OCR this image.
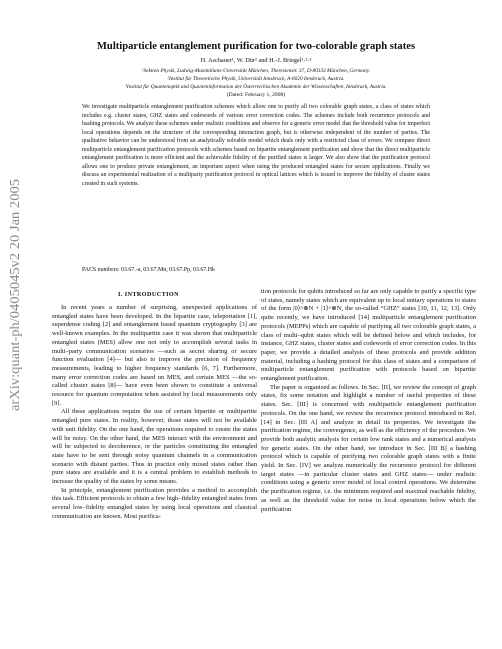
arXiv:quant-ph/0405045v2 20 Jan 2005
Multiparticle entanglement purification for two-colorable graph states
H. Aschauer¹, W. Dür² and H.-J. Briegel¹·²·³
¹Sektion Physik, Ludwig-Maximilians-Universität München, Theresienstr. 37, D-80333 München, Germany.
²Institut für Theoretische Physik, Universität Innsbruck, A-6020 Innsbruck, Austria.
³Institut für Quantenoptik und Quanteninformation der Österreichischen Akademie der Wissenschaften, Innsbruck, Austria.
(Dated: February 1, 2008)
We investigate multiparticle entanglement purification schemes which allow one to purify all two colorable graph states, a class of states which includes e.g. cluster states, GHZ states and codewords of various error correction codes. The schemes include both recurrence protocols and hashing protocols. We analyze these schemes under realistic conditions and observe for a generic error model that the threshold value for imperfect local operations depends on the structure of the corresponding interaction graph, but is otherwise independent of the number of parties. The qualitative behavior can be understood from an analytically solvable model which deals only with a restricted class of errors. We compare direct multiparticle entanglement purification protocols with schemes based on bipartite entanglement purification and show that the direct multiparticle entanglement purification is more efficient and the achievable fidelity of the purified states is larger. We also show that the purification protocol allows one to produce private entanglement, an important aspect when using the produced entangled states for secure applications. Finally we discuss an experimental realization of a multiparty purification protocol in optical lattices which is issued to improve the fidelity of cluster states created in such systems.
PACS numbers: 03.67.-a, 03.67.Mn, 03.67.Pp, 03.67.Hk
I. INTRODUCTION

In recent years a number of surprising, unexpected applications of entangled states have been developed. In the bipartite case, teleportation [1], superdense coding [2] and entanglement based quantum cryptography [3] are well-known examples. In the multipartite case it was shown that multiparticle entangled states (MES) allow one not only to accomplish several tasks in multi–party communication scenarios —such as secret sharing or secure function evaluation [4]— but also to improve the precision of frequency measurements, leading to higher frequency standards [6, 7]. Furthermore, many error correction codes are based on MES, and certain MES —the so-called cluster states [8]— have even been shown to constitute a universal resource for quantum computation when assisted by local measurements only [9].

All these applications require the use of certain bipartite or multipartite entangled pure states. In reality, however, those states will not be available with unit fidelity. On the one hand, the operations required to create the states will be noisy. On the other hand, the MES interact with the environment and will be subjected to decoherence, or the particles constituting the entangled state have to be sent through noisy quantum channels in a communication scenario with distant parties. Thus in practice only mixed states rather than pure states are available and it is a central problem to establish methods to increase the quality of the states by some means.

In principle, entanglement purification provides a method to accomplish this task. Efficient protocols to obtain a few high–fidelity entangled states from several low–fidelity entangled states by using local operations and classical communication are known. Most purifica-

tion protocols for qubits introduced so far are only capable to purify a specific type of states, namely states which are equivalent up to local unitary operations to states of the form |0⟩^⊗N + |1⟩^⊗N, the so-called “GHZ” states [10, 11, 12, 13]. Only quite recently, we have introduced [14] multiparticle entanglement purification protocols (MEPPs) which are capable of purifying all two colorable graph states, a class of multi–qubit states which will be defined below and which includes, for instance, GHZ states, cluster states and codewords of error correction codes. In this paper, we provide a detailed analysis of these protocols and provide addition material, including a hashing protocol for this class of states and a comparison of multiparticle entanglement purification with protocols based on bipartite entanglement purification.

The paper is organized as follows. In Sec. [II], we review the concept of graph states, fix some notation and highlight a number of useful properties of these states. Sec. [III] is concerned with multiparticle entanglement purification protocols. On the one hand, we review the recurrence protocol introduced in Ref. [14] in Sec. [III A] and analyze in detail its properties. We investigate the purification regime, the convergence, as well as the efficiency of the procedure. We provide both analytic analysis for certain low rank states and a numerical analysis for generic states. On the other hand, we introduce in Sec. [III B] a hashing protocol which is capable of purifying two colorable graph states with a finite yield. In Sec. [IV] we analyze numerically the recurrence protocol for different target states —in particular cluster states and GHZ states— under realistic conditions using a generic error model of local control operations. We determine the purification regime, i.e. the minimum required and maximal reachable fidelity, as well as the threshold value for noise in local operations below which the purification
